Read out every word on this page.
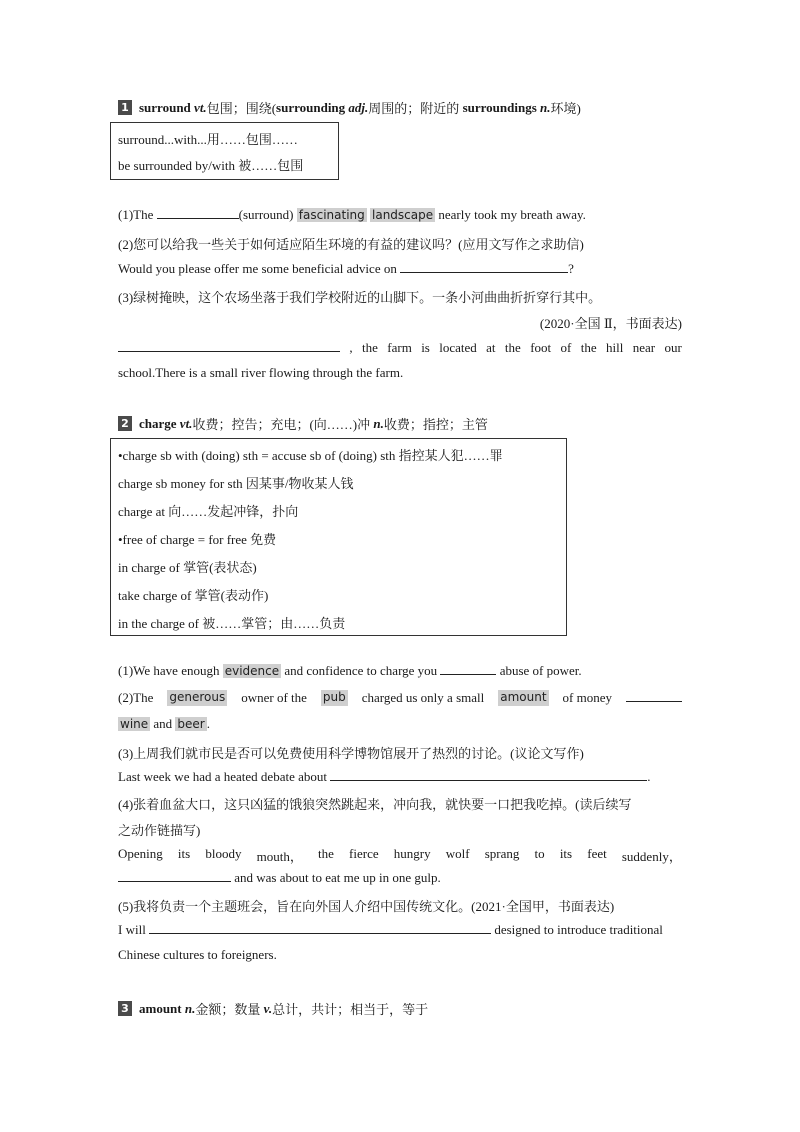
1 surround
vt. 包围；围绕( surrounding
adj. 周围的；附近的
surroundings
n. 环境)
surround...with...用……包围……
be surrounded by/with 被……包围
(1)The	(surround) fascinating landscape nearly took my breath away.
(2)您可以给我一些关于如何适应陌生环境的有益的建议吗？(应用文写作之求助信)
Would you please offer me some beneficial advice on	?
(3)绿树掩映，这个农场坐落于我们学校附近的山脚下。一条小河曲曲折折穿行其中。
(2020·全国 Ⅱ，书面表达)
, the farm is located at the foot of the hill near our
school.There is a small river flowing through the farm.
2 charge
vt. 收费；控告；充电；(向……)冲
n. 收费；指控；主管
•charge sb with (doing) sth = accuse sb of (doing) sth 指控某人犯……罪
charge sb money for sth 因某事/物收某人钱
charge at 向……发起冲锋，扑向
•free of charge = for free 免费
in charge of 掌管(表状态)
take charge of 掌管(表动作)
in the charge of 被……掌管；由……负责
(1)We have enough evidence and confidence to charge you	abuse of power.
(2)The generous owner of the pub charged us only a small amount of money
wine and beer .
(3)上周我们就市民是否可以免费使用科学博物馆展开了热烈的讨论。(议论文写作)
Last week we had a heated debate about	.
(4)张着血盆大口，这只凶猛的饿狼突然跳起来，冲向我，就快要一口把我吃掉。(读后续写
之动作链描写)
Opening its bloody mouth， the fierce hungry wolf sprang to its feet suddenly，
and was about to eat me up in one gulp.
(5)我将负责一个主题班会，旨在向外国人介绍中国传统文化。(2021·全国甲，书面表达)
I will	designed to introduce traditional
Chinese cultures to foreigners.
3 amount
n. 金额；数量
v. 总计，共计；相当于，等于
